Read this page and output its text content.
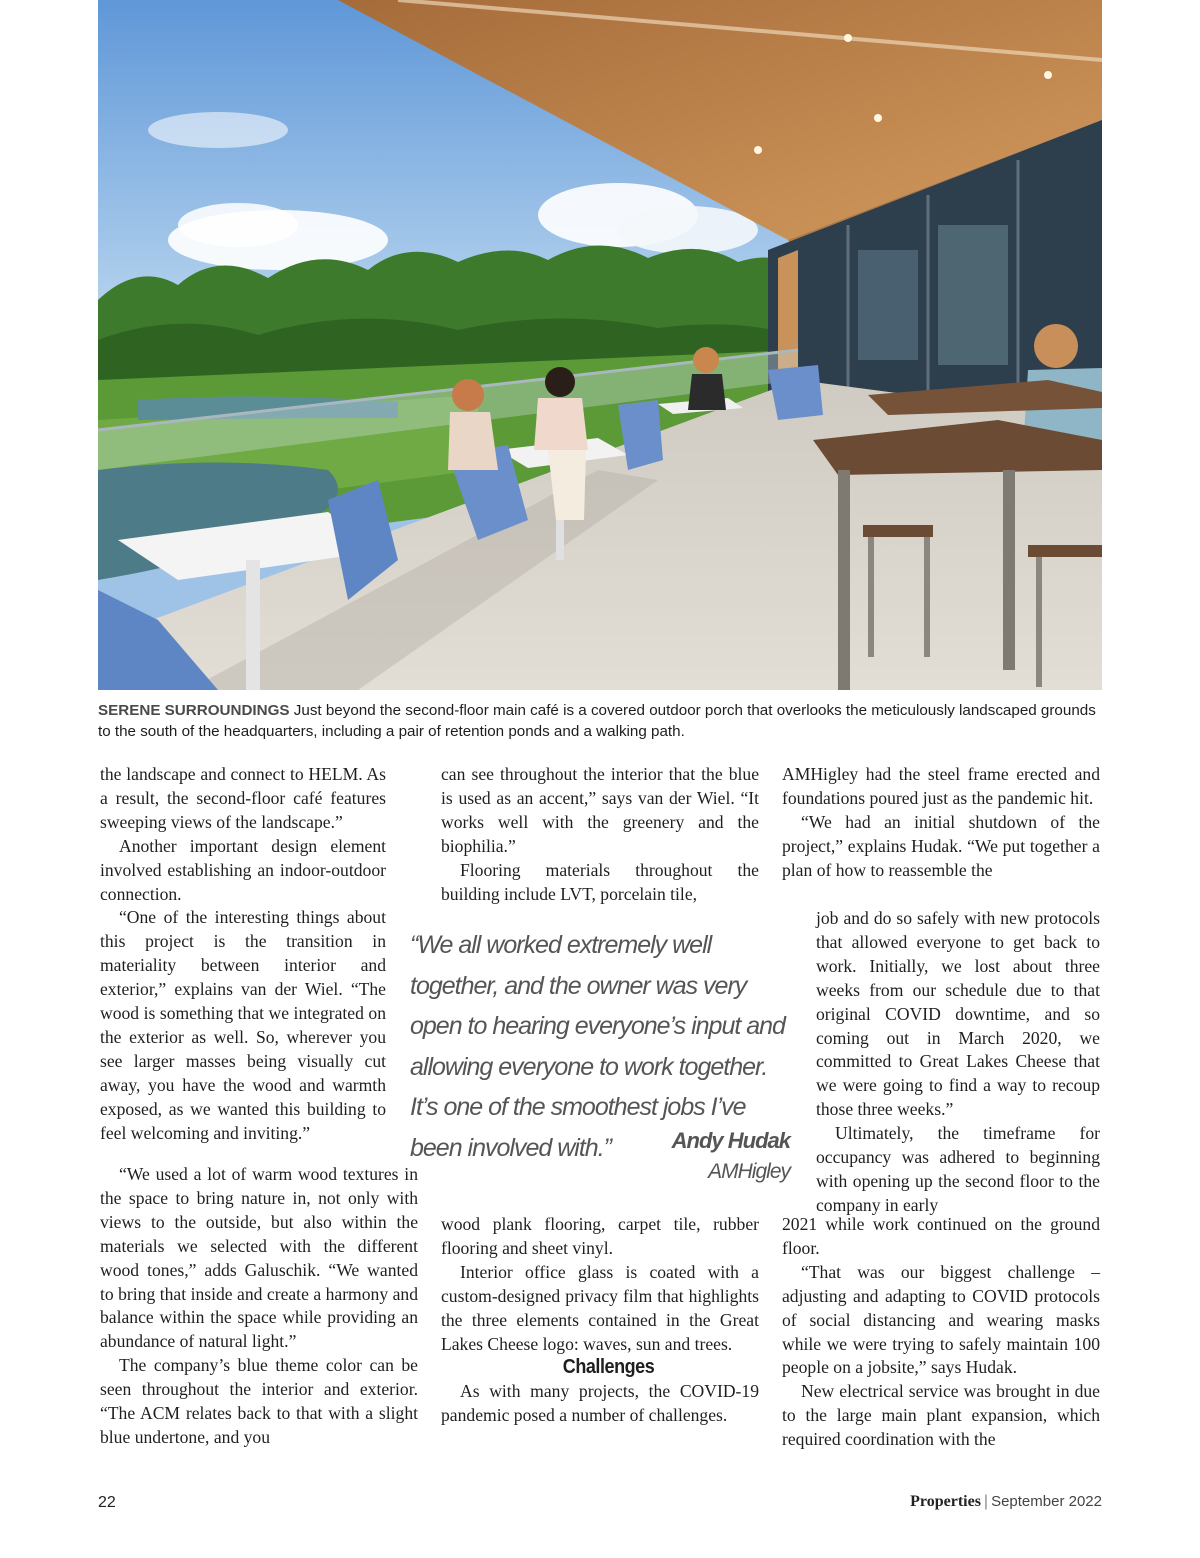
SERENE SURROUNDINGS Just beyond the second-floor main café is a covered outdoor porch that overlooks the meticulously landscaped grounds to the south of the headquarters, including a pair of retention ponds and a walking path.

the landscape and connect to HELM. As a result, the second-floor café features sweeping views of the landscape.”

Another important design element involved establishing an indoor-outdoor connection.

“One of the interesting things about this project is the transition in materiality between interior and exterior,” explains van der Wiel. “The wood is something that we integrated on the exterior as well. So, wherever you see larger masses being visually cut away, you have the wood and warmth exposed, as we wanted this building to feel welcoming and inviting.”

“We used a lot of warm wood textures in the space to bring nature in, not only with views to the outside, but also within the materials we selected with the different wood tones,” adds Galuschik. “We wanted to bring that inside and create a harmony and balance within the space while providing an abundance of natural light.”

The company’s blue theme color can be seen throughout the interior and exterior. “The ACM relates back to that with a slight blue undertone, and you

can see throughout the interior that the blue is used as an accent,” says van der Wiel. “It works well with the greenery and the biophilia.”

Flooring materials throughout the building include LVT, porcelain tile,

wood plank flooring, carpet tile, rubber flooring and sheet vinyl.

Interior office glass is coated with a custom-designed privacy film that highlights the three elements contained in the Great Lakes Cheese logo: waves, sun and trees.

Challenges

As with many projects, the COVID-19 pandemic posed a number of challenges.

“We all worked extremely well together, and the owner was very open to hearing everyone’s input and allowing everyone to work together. It’s one of the smoothest jobs I’ve been involved with.”	Andy Hudak
AMHigley

AMHigley had the steel frame erected and foundations poured just as the pandemic hit.

“We had an initial shutdown of the project,” explains Hudak. “We put together a plan of how to reassemble the

job and do so safely with new protocols that allowed everyone to get back to work. Initially, we lost about three weeks from our schedule due to that original COVID downtime, and so coming out in March 2020, we committed to Great Lakes Cheese that we were going to find a way to recoup those three weeks.”

Ultimately, the timeframe for occupancy was adhered to beginning with opening up the second floor to the company in early

2021 while work continued on the ground floor.

“That was our biggest challenge – adjusting and adapting to COVID protocols of social distancing and wearing masks while we were trying to safely maintain 100 people on a jobsite,” says Hudak.

New electrical service was brought in due to the large main plant expansion, which required coordination with the

22	Properties | September 2022
